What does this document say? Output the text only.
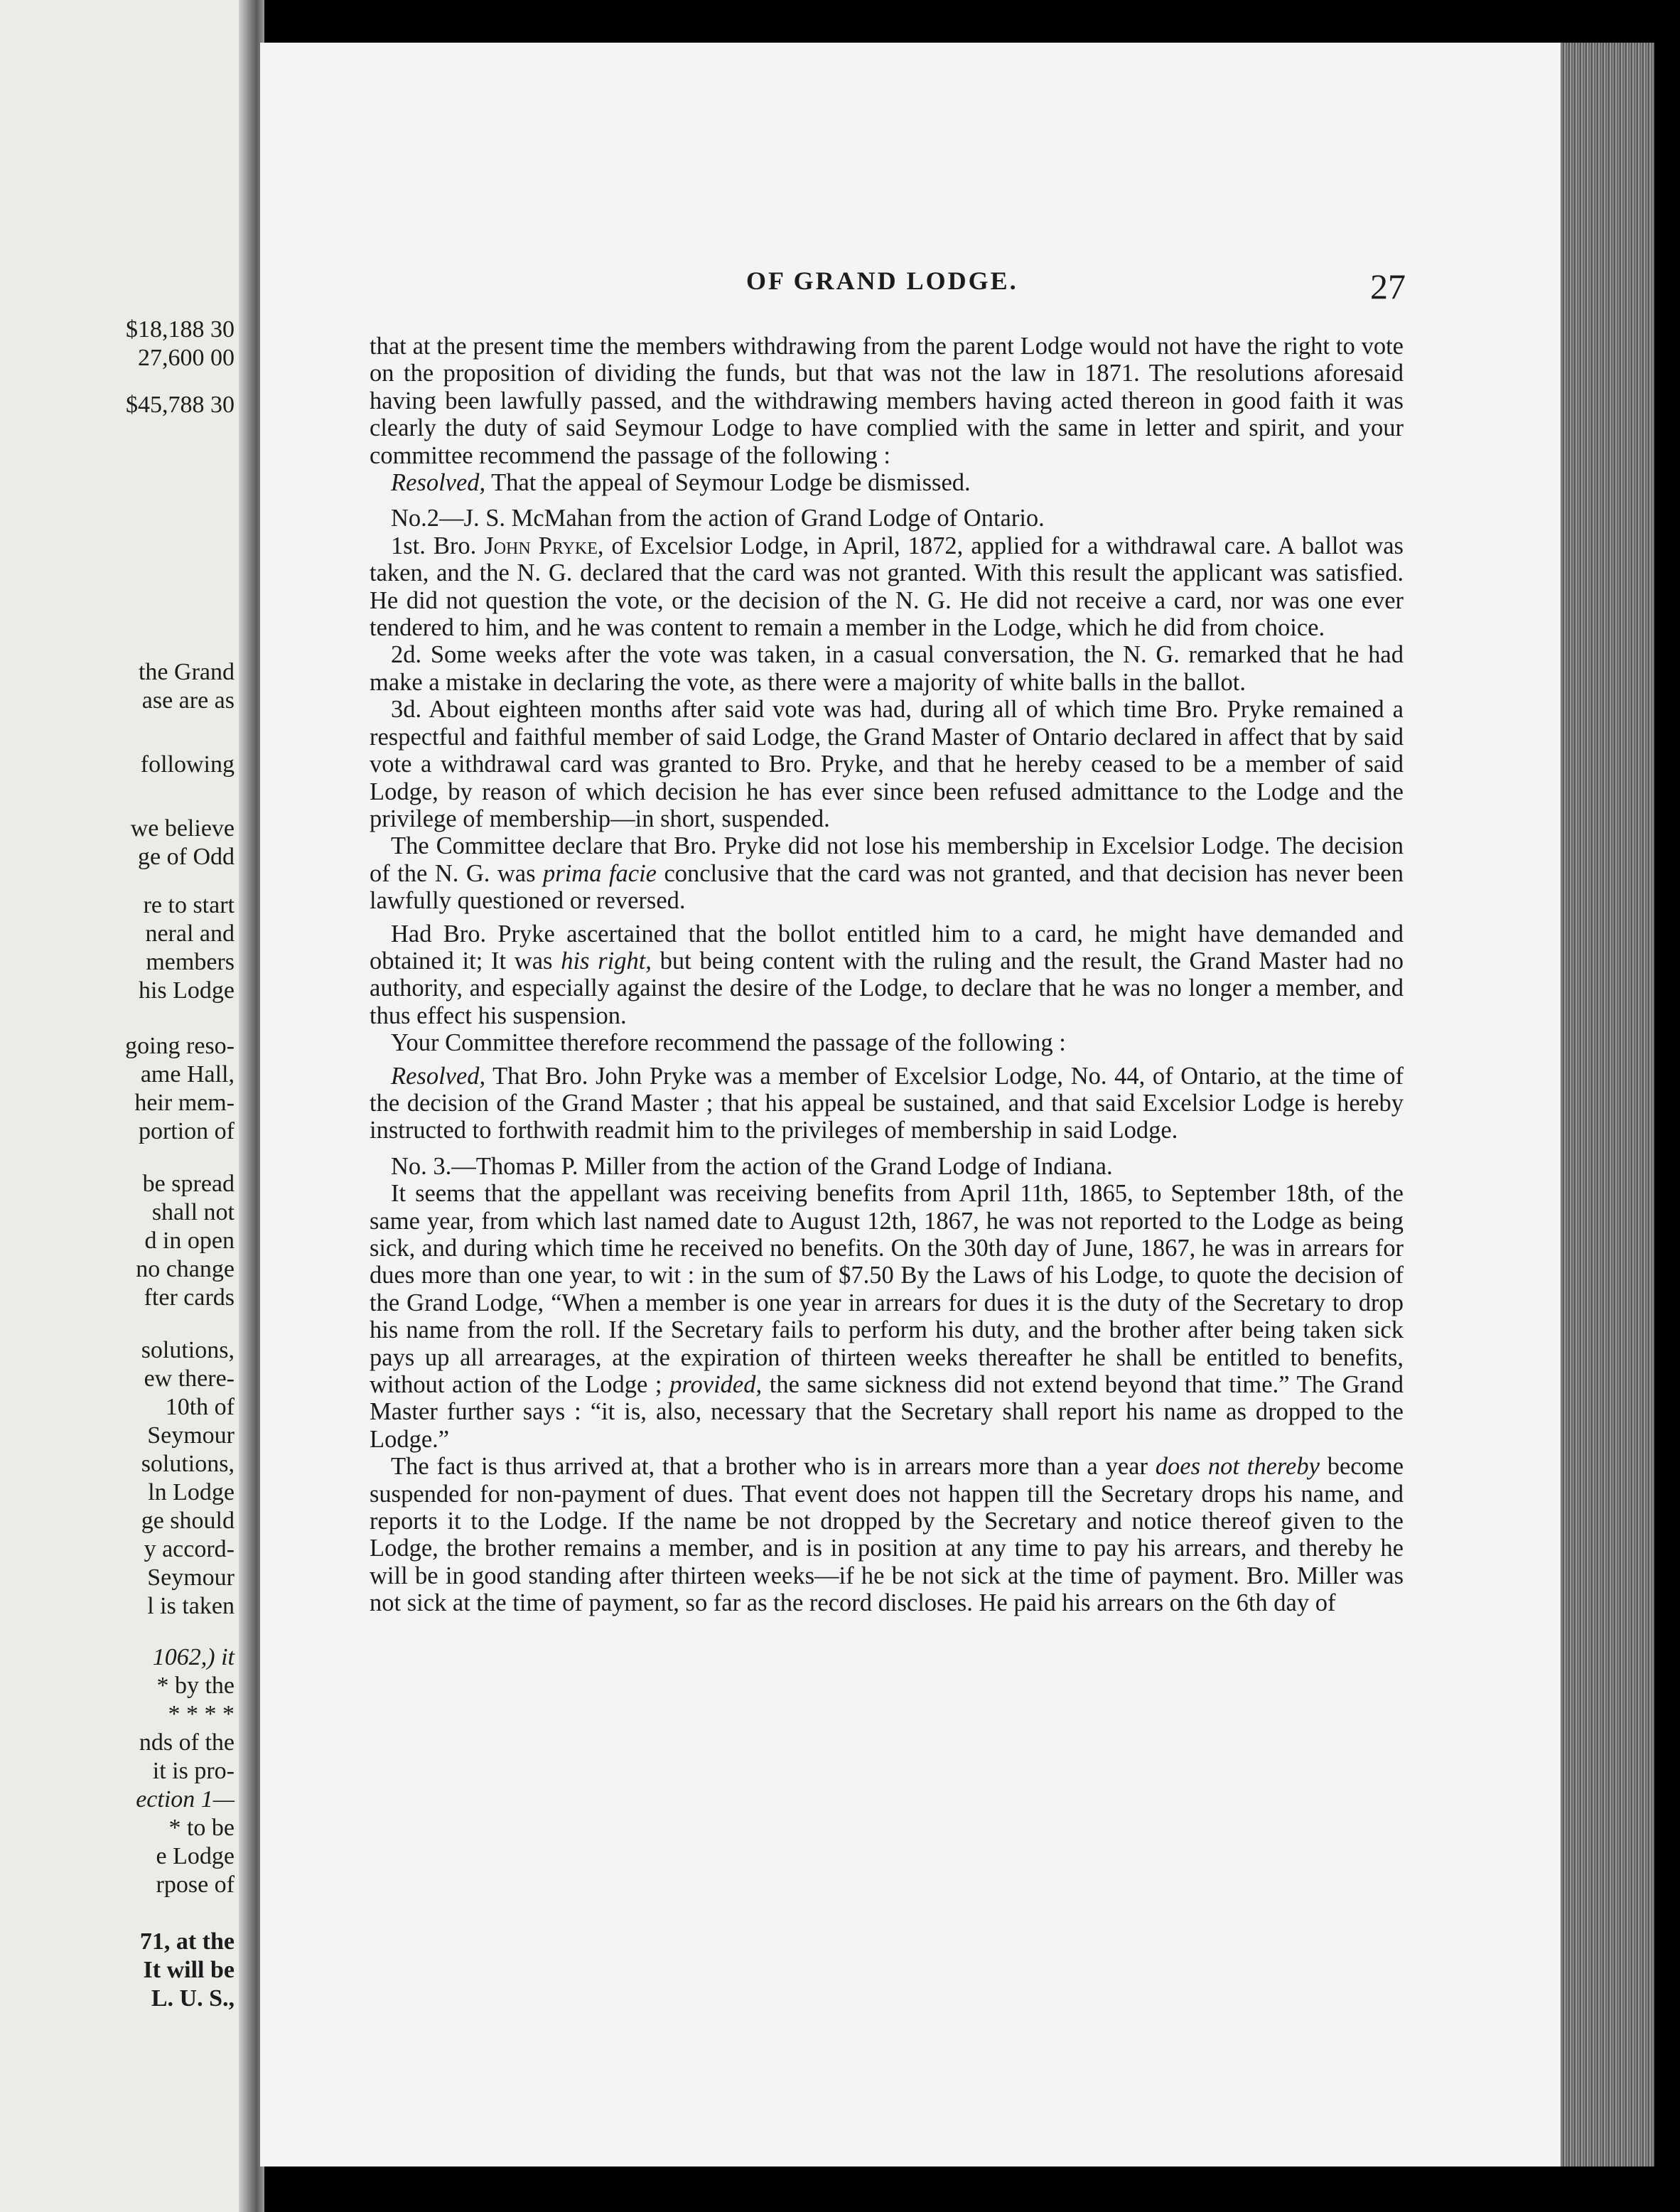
$18,188 30
27,600 00
$45,788 30
the Grand
ase are as
following
we believe
ge of Odd
re to start
neral and
members
his Lodge
going reso-
ame Hall,
heir mem-
portion of
be spread
shall not
d in open
no change
fter cards
solutions,
ew there-
10th of
Seymour
solutions,
ln Lodge
ge should
y accord-
Seymour
l is taken
1062,) it
* by the
* * * *
nds of the
it is pro-
ection 1—
* to be
e Lodge
rpose of
71, at the
It will be
L. U. S.,
OF GRAND LODGE.	27

that at the present time the members withdrawing from the parent Lodge would not have the right to vote on the proposition of dividing the funds, but that was not the law in 1871. The resolutions aforesaid having been lawfully passed, and the withdrawing members having acted thereon in good faith it was clearly the duty of said Seymour Lodge to have complied with the same in letter and spirit, and your committee recommend the passage of the following :

Resolved, That the appeal of Seymour Lodge be dismissed.

No.2—J. S. McMahan from the action of Grand Lodge of Ontario.

1st. Bro. John Pryke, of Excelsior Lodge, in April, 1872, applied for a withdrawal care. A ballot was taken, and the N. G. declared that the card was not granted. With this result the applicant was satisfied. He did not question the vote, or the decision of the N. G. He did not receive a card, nor was one ever tendered to him, and he was content to remain a member in the Lodge, which he did from choice.

2d. Some weeks after the vote was taken, in a casual conversation, the N. G. remarked that he had make a mistake in declaring the vote, as there were a majority of white balls in the ballot.

3d. About eighteen months after said vote was had, during all of which time Bro. Pryke remained a respectful and faithful member of said Lodge, the Grand Master of Ontario declared in affect that by said vote a withdrawal card was granted to Bro. Pryke, and that he hereby ceased to be a member of said Lodge, by reason of which decision he has ever since been refused admittance to the Lodge and the privilege of membership—in short, suspended.

The Committee declare that Bro. Pryke did not lose his membership in Excelsior Lodge. The decision of the N. G. was prima facie conclusive that the card was not granted, and that decision has never been lawfully questioned or reversed.

Had Bro. Pryke ascertained that the bollot entitled him to a card, he might have demanded and obtained it; It was his right, but being content with the ruling and the result, the Grand Master had no authority, and especially against the desire of the Lodge, to declare that he was no longer a member, and thus effect his suspension.

Your Committee therefore recommend the passage of the following :

Resolved, That Bro. John Pryke was a member of Excelsior Lodge, No. 44, of Ontario, at the time of the decision of the Grand Master ; that his appeal be sustained, and that said Excelsior Lodge is hereby instructed to forthwith readmit him to the privileges of membership in said Lodge.

No. 3.—Thomas P. Miller from the action of the Grand Lodge of Indiana.

It seems that the appellant was receiving benefits from April 11th, 1865, to September 18th, of the same year, from which last named date to August 12th, 1867, he was not reported to the Lodge as being sick, and during which time he received no benefits. On the 30th day of June, 1867, he was in arrears for dues more than one year, to wit : in the sum of $7.50 By the Laws of his Lodge, to quote the decision of the Grand Lodge, “When a member is one year in arrears for dues it is the duty of the Secretary to drop his name from the roll. If the Secretary fails to perform his duty, and the brother after being taken sick pays up all arrearages, at the expiration of thirteen weeks thereafter he shall be entitled to benefits, without action of the Lodge ; provided, the same sickness did not extend beyond that time.” The Grand Master further says : “it is, also, necessary that the Secretary shall report his name as dropped to the Lodge.”

The fact is thus arrived at, that a brother who is in arrears more than a year does not thereby become suspended for non-payment of dues. That event does not happen till the Secretary drops his name, and reports it to the Lodge. If the name be not dropped by the Secretary and notice thereof given to the Lodge, the brother remains a member, and is in position at any time to pay his arrears, and thereby he will be in good standing after thirteen weeks—if he be not sick at the time of payment. Bro. Miller was not sick at the time of payment, so far as the record discloses. He paid his arrears on the 6th day of
